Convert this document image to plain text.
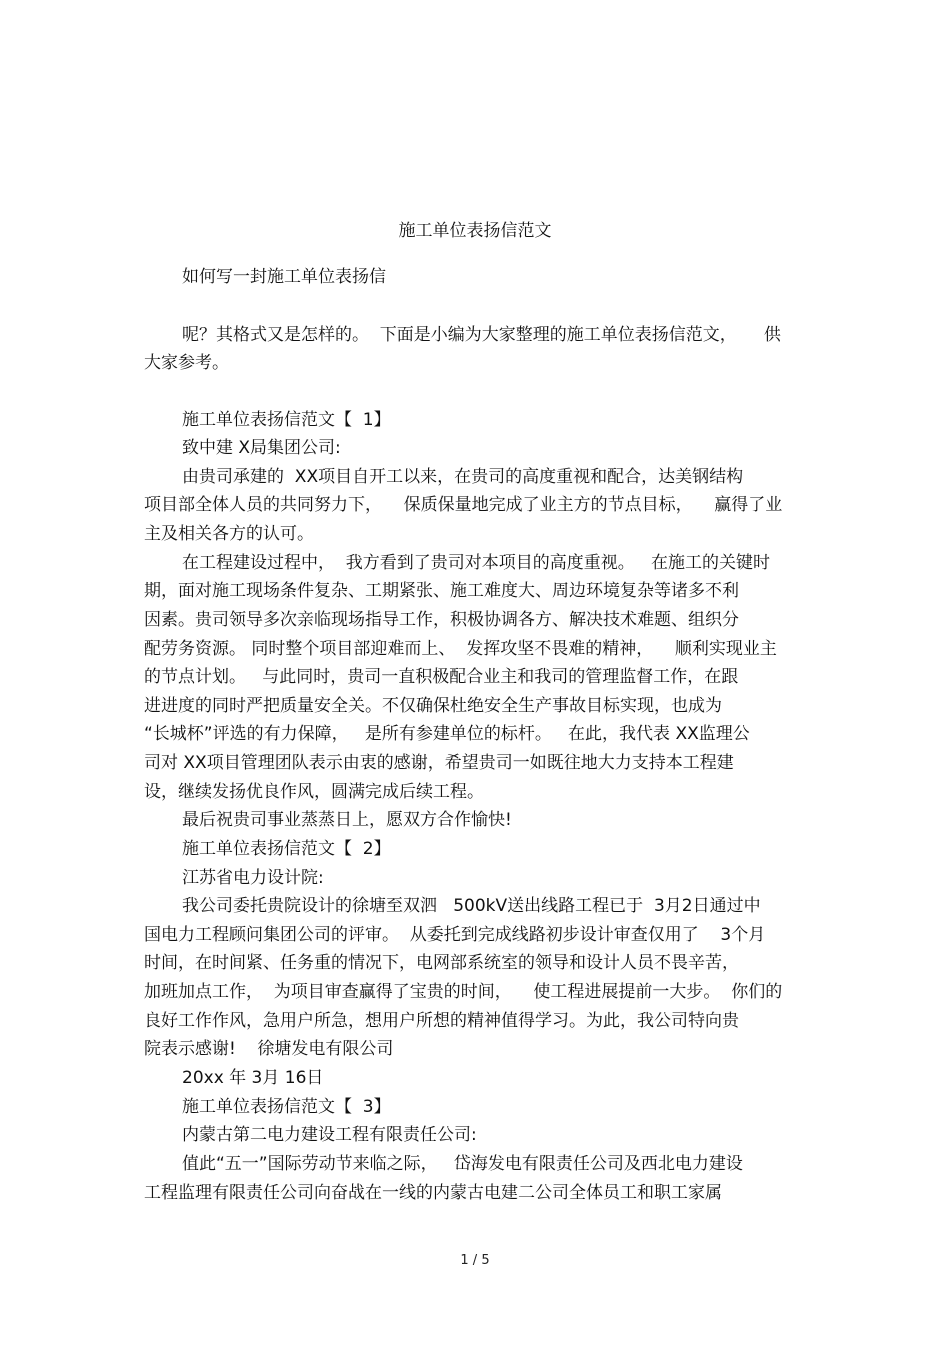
施工单位表扬信范文

如何写一封施工单位表扬信

呢？其格式又是怎样的。  下面是小编为大家整理的施工单位表扬信范文，     供

大家参考。

施工单位表扬信范文【  1】

致中建 X局集团公司:

由贵司承建的  XX项目自开工以来，在贵司的高度重视和配合，达美钢结构

项目部全体人员的共同努力下，    保质保量地完成了业主方的节点目标，    赢得了业

主及相关各方的认可。

在工程建设过程中，  我方看到了贵司对本项目的高度重视。   在施工的关键时

期，面对施工现场条件复杂、工期紧张、施工难度大、周边环境复杂等诸多不利

因素。贵司领导多次亲临现场指导工作，积极协调各方、解决技术难题、组织分

配劳务资源。 同时整个项目部迎难而上、  发挥攻坚不畏难的精神，    顺利实现业主

的节点计划。   与此同时，贵司一直积极配合业主和我司的管理监督工作，在跟

进进度的同时严把质量安全关。不仅确保杜绝安全生产事故目标实现，也成为

“长城杯”评选的有力保障，   是所有参建单位的标杆。   在此，我代表 XX监理公

司对 XX项目管理团队表示由衷的感谢，希望贵司一如既往地大力支持本工程建

设，继续发扬优良作风，圆满完成后续工程。

最后祝贵司事业蒸蒸日上，愿双方合作愉快!

施工单位表扬信范文【  2】

江苏省电力设计院:

我公司委托贵院设计的徐塘至双泗   500kV送出线路工程已于  3月2日通过中

国电力工程顾问集团公司的评审。  从委托到完成线路初步设计审查仅用了    3个月

时间，在时间紧、任务重的情况下，电网部系统室的领导和设计人员不畏辛苦，

加班加点工作，  为项目审查赢得了宝贵的时间，    使工程进展提前一大步。  你们的

良好工作作风，急用户所急，想用户所想的精神值得学习。为此，我公司特向贵

院表示感谢!    徐塘发电有限公司

20xx 年 3月 16日

施工单位表扬信范文【  3】

内蒙古第二电力建设工程有限责任公司:

值此“五一”国际劳动节来临之际，   岱海发电有限责任公司及西北电力建设

工程监理有限责任公司向奋战在一线的内蒙古电建二公司全体员工和职工家属

1 / 5
